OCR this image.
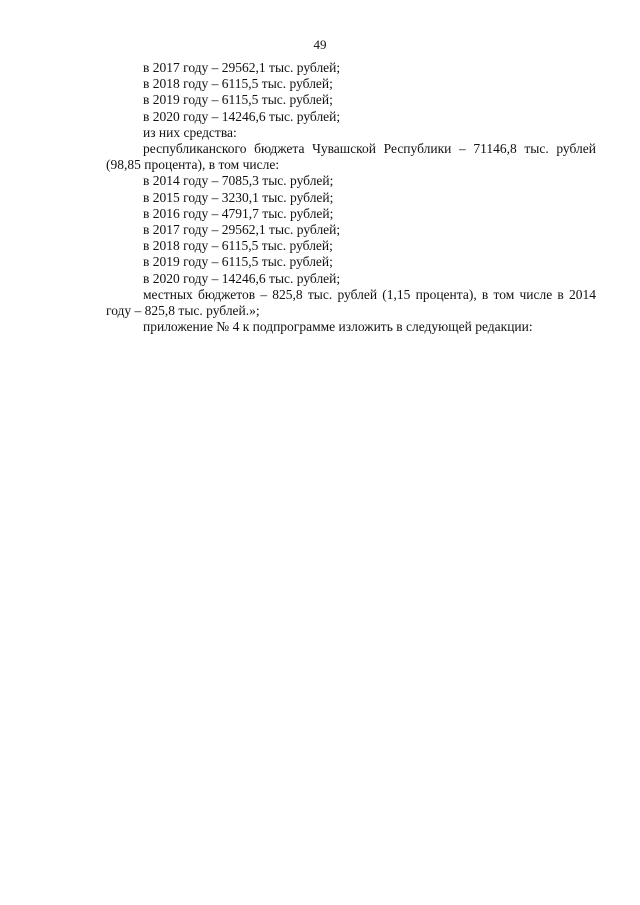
49

в 2017 году – 29562,1 тыс. рублей;

в 2018 году – 6115,5 тыс. рублей;

в 2019 году – 6115,5 тыс. рублей;

в 2020 году – 14246,6 тыс. рублей;

из них средства:

республиканского бюджета Чувашской Республики – 71146,8 тыс. рублей (98,85 процента), в том числе:

в 2014 году – 7085,3 тыс. рублей;

в 2015 году – 3230,1 тыс. рублей;

в 2016 году – 4791,7 тыс. рублей;

в 2017 году – 29562,1 тыс. рублей;

в 2018 году – 6115,5 тыс. рублей;

в 2019 году – 6115,5 тыс. рублей;

в 2020 году – 14246,6 тыс. рублей;

местных бюджетов – 825,8 тыс. рублей (1,15 процента), в том числе в 2014 году – 825,8 тыс. рублей.»;

приложение № 4 к подпрограмме изложить в следующей редакции:
